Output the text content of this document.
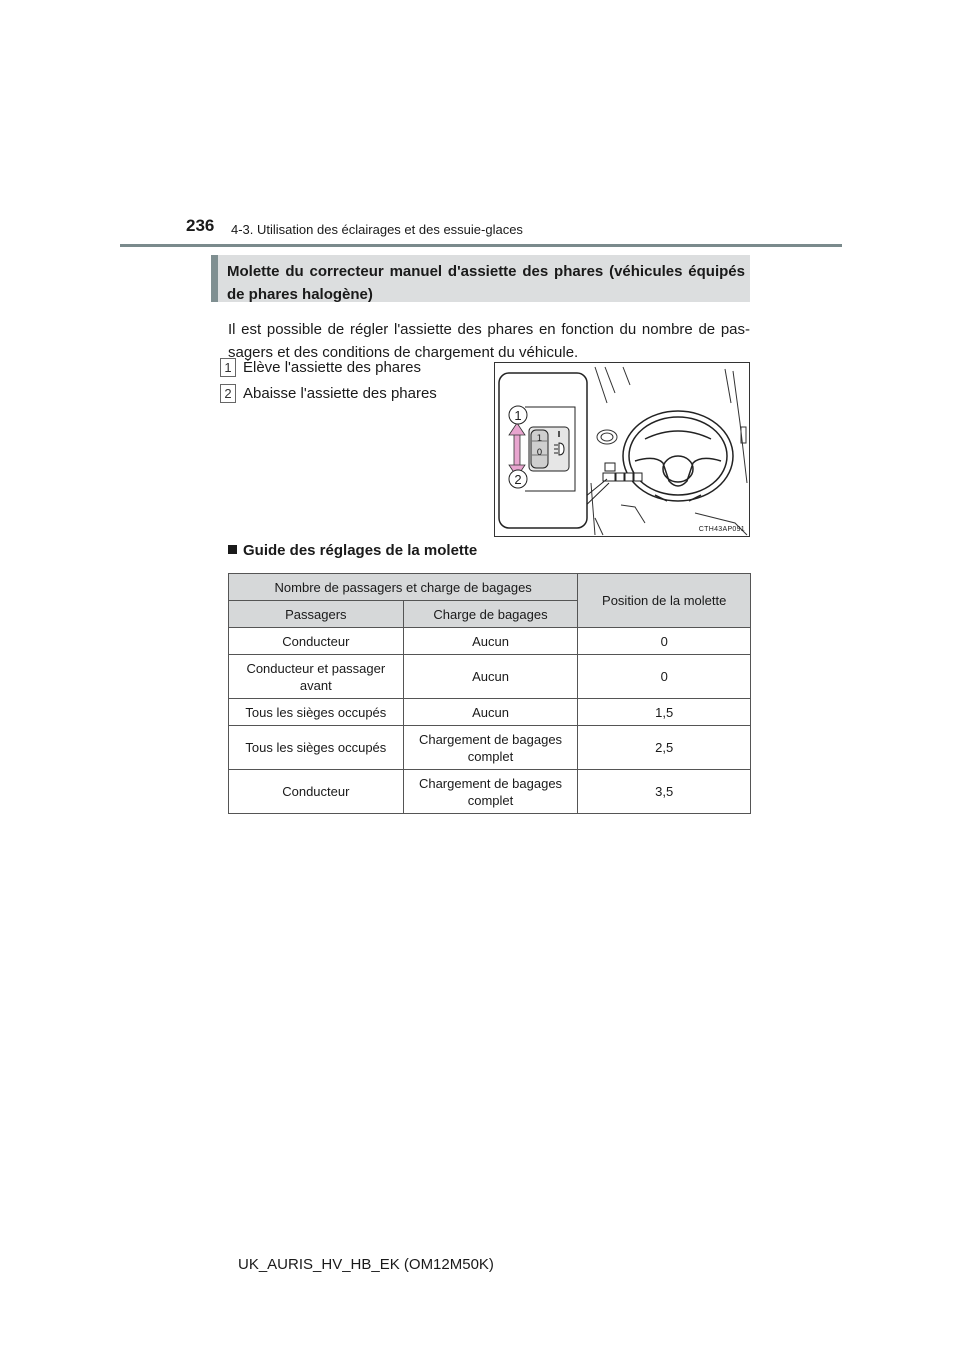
236 4-3. Utilisation des éclairages et des essuie-glaces
Molette du correcteur manuel d'assiette des phares (véhicules équipés de phares halogène)
Il est possible de régler l'assiette des phares en fonction du nombre de pas-sagers et des conditions de chargement du véhicule.
1 Élève l'assiette des phares
2 Abaisse l'assiette des phares
1
0
1
2
CTH43AP091
Guide des réglages de la molette
Nombre de passagers et charge de bagages		Position de la molette
Passagers	Charge de bagages	
Conducteur	Aucun	0
Conducteur et passager avant	Aucun	0
Tous les sièges occupés	Aucun	1,5
Tous les sièges occupés	Chargement de bagages complet	2,5
Conducteur	Chargement de bagages complet	3,5
UK_AURIS_HV_HB_EK (OM12M50K)
